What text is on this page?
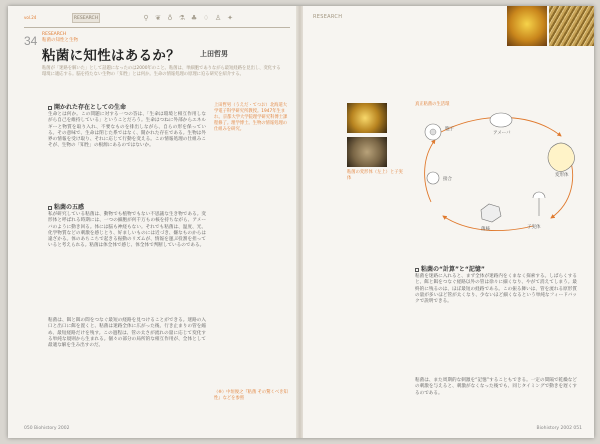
vol.24	RESEARCH	⚲ ❦ ♁ ⚗ ♣ ♢ ♙ ✦
34 RESEARCH
粘菌の知性と生物
粘菌に知性はあるか？	上田哲男
粘菌が「迷路を解いた」として話題になったのは2000年のこと。粘菌は、単細胞でありながら最短経路を見出し、変化する環境に適応する。脳を持たない生物の「知性」とは何か。生命の情報処理の原理に迫る研究を紹介する。
開かれた存在としての生命
生命とは何か。この問題に対する一つの答は、「生命は環境と相互作用しながら自己を維持している」ということだろう。生命はつねに外部からエネルギーと物質を取り入れ、不要なものを排出しながら、自らの形を保っている。その意味で、生命は閉じた系ではなく、開かれた存在である。生物は外界の情報を受け取り、それに応じて行動を変える。この情報処理の仕組みこそが、生物の「知性」の根源にあるのではないか。
粘菌の五感
私が研究している粘菌は、動物でも植物でもない不思議な生き物である。変形体と呼ばれる時期には、一つの細胞が何千万もの核を持ちながら、アメーバのように動き回る。体には脳も神経もない。それでも粘菌は、温度、光、化学物質などの刺激を感じとり、好ましいものには近づき、嫌なものからは遠ざかる。体のあちこちで起きる振動のリズムが、情報を運ぶ役割を担っていると考えられる。粘菌は体全体で感じ、体全体で判断しているのである。
粘菌は、餌と餌の間をつなぐ最短の経路を見つけることができる。迷路の入口と出口に餌を置くと、粘菌は迷路全体に広がった後、行き止まりの管を縮め、最短経路だけを残す。この過程は、管の太さが流れの量に応じて変化する単純な規則から生まれる。個々の部分の局所的な相互作用が、全体として最適な解を生み出すのだ。
上田哲男（うえだ・てつお）北海道大学電子科学研究所教授。1947年生まれ。京都大学大学院理学研究科博士課程修了。理学博士。生物の情報処理の仕組みを研究。
（※）中垣俊之『粘菌 その驚くべき知性』などを参照
050 Biohistory 2002
RESEARCH
粘菌の変形体（左上）と子実体
真正粘菌の生活環
胞子
アメーバ
接合
変形体
子実体
菌核
粘菌の“計算”と“記憶”
粘菌を迷路に入れると、まず全体が迷路内をくまなく探索する。しばらくすると、餌と餌をつなぐ経路以外の管は徐々に細くなり、やがて消えてしまう。最終的に残るのは、ほぼ最短の経路である。この振る舞いは、管を流れる原形質の量が多いほど管が太くなり、少ないほど細くなるという単純なフィードバックで説明できる。
粘菌は、また周期的な刺激を“記憶”することもできる。一定の間隔で乾燥などの刺激を与えると、刺激がなくなった後でも、同じタイミングで動きを遅くするのである。
Biohistory 2002 051
